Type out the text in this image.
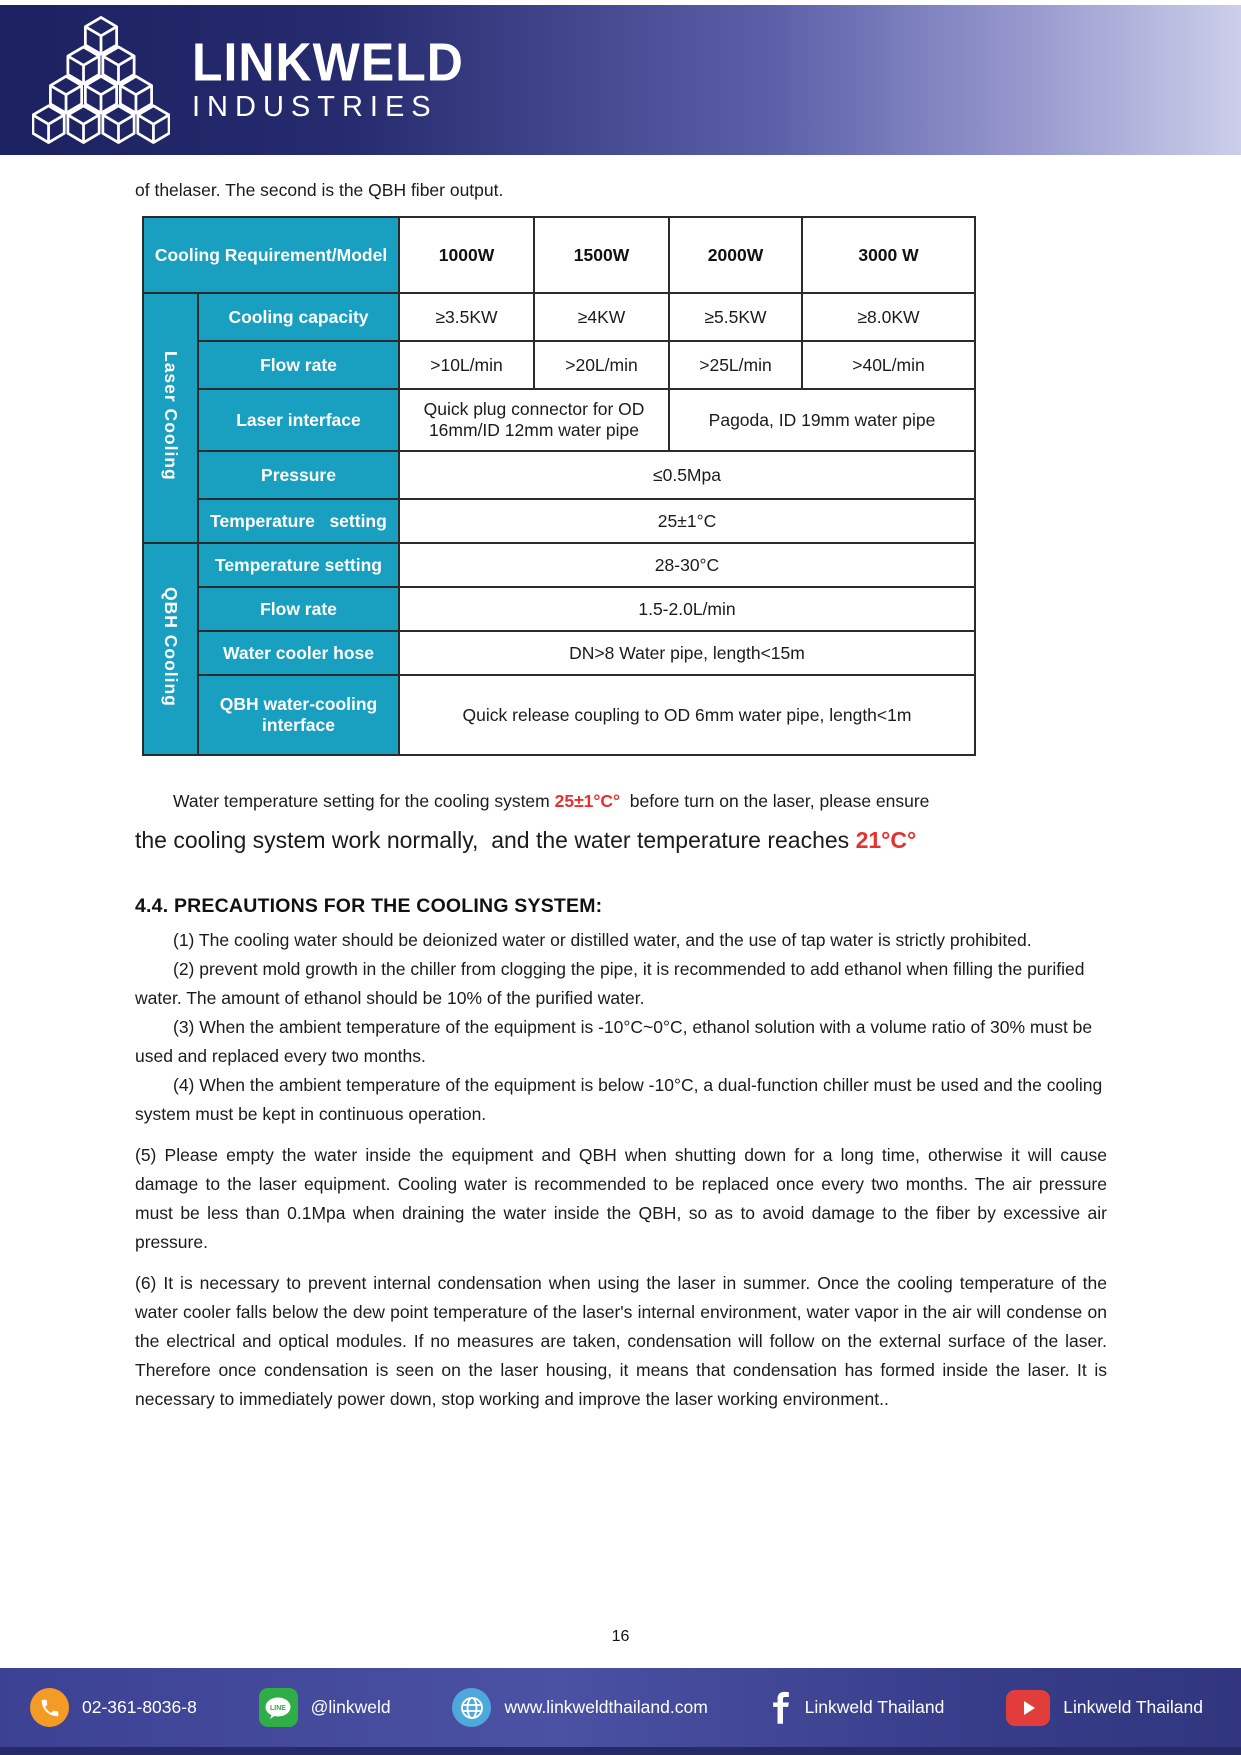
LINKWELD
INDUSTRIES

of thelaser. The second is the QBH fiber output.

Cooling Requirement/Model		1000W	1500W	2000W	3000 W
Laser Cooling	Cooling capacity	≥3.5KW	≥4KW	≥5.5KW	≥8.0KW
	Flow rate	>10L/min	>20L/min	>25L/min	>40L/min
	Laser interface	Quick plug connector for OD 16mm/ID 12mm water pipe		Pagoda, ID 19mm water pipe	
	Pressure	≤0.5Mpa			
	Temperature   setting	25±1°C			
QBH Cooling	Temperature setting	28-30°C			
	Flow rate	1.5-2.0L/min			
	Water cooler hose	DN>8 Water pipe, length<15m			
	QBH water-cooling interface	Quick release coupling to OD 6mm water pipe, length<1m			

Water temperature setting for the cooling system 25±1°C°  before turn on the laser, please ensure

the cooling system work normally,  and the water temperature reaches 21°C°

4.4. PRECAUTIONS FOR THE COOLING SYSTEM:

(1) The cooling water should be deionized water or distilled water, and the use of tap water is strictly prohibited.

(2) prevent mold growth in the chiller from clogging the pipe, it is recommended to add ethanol when filling the purified water. The amount of ethanol should be 10% of the purified water.

(3) When the ambient temperature of the equipment is -10°C~0°C, ethanol solution with a volume ratio of 30% must be used and replaced every two months.

(4) When the ambient temperature of the equipment is below -10°C, a dual-function chiller must be used and the cooling system must be kept in continuous operation.

(5) Please empty the water inside the equipment and QBH when shutting down for a long time, otherwise it will cause damage to the laser equipment. Cooling water is recommended to be replaced once every two months. The air pressure must be less than 0.1Mpa when draining the water inside the QBH, so as to avoid damage to the fiber by excessive air pressure.

(6) It is necessary to prevent internal condensation when using the laser in summer. Once the cooling temperature of the water cooler falls below the dew point temperature of the laser's internal environment, water vapor in the air will condense on the electrical and optical modules. If no measures are taken, condensation will follow on the external surface of the laser. Therefore once condensation is seen on the laser housing, it means that condensation has formed inside the laser. It is necessary to immediately power down, stop working and improve the laser working environment..

16
02-361-8036-8	LINE @linkweld	www.linkweldthailand.com	Linkweld Thailand	Linkweld Thailand
